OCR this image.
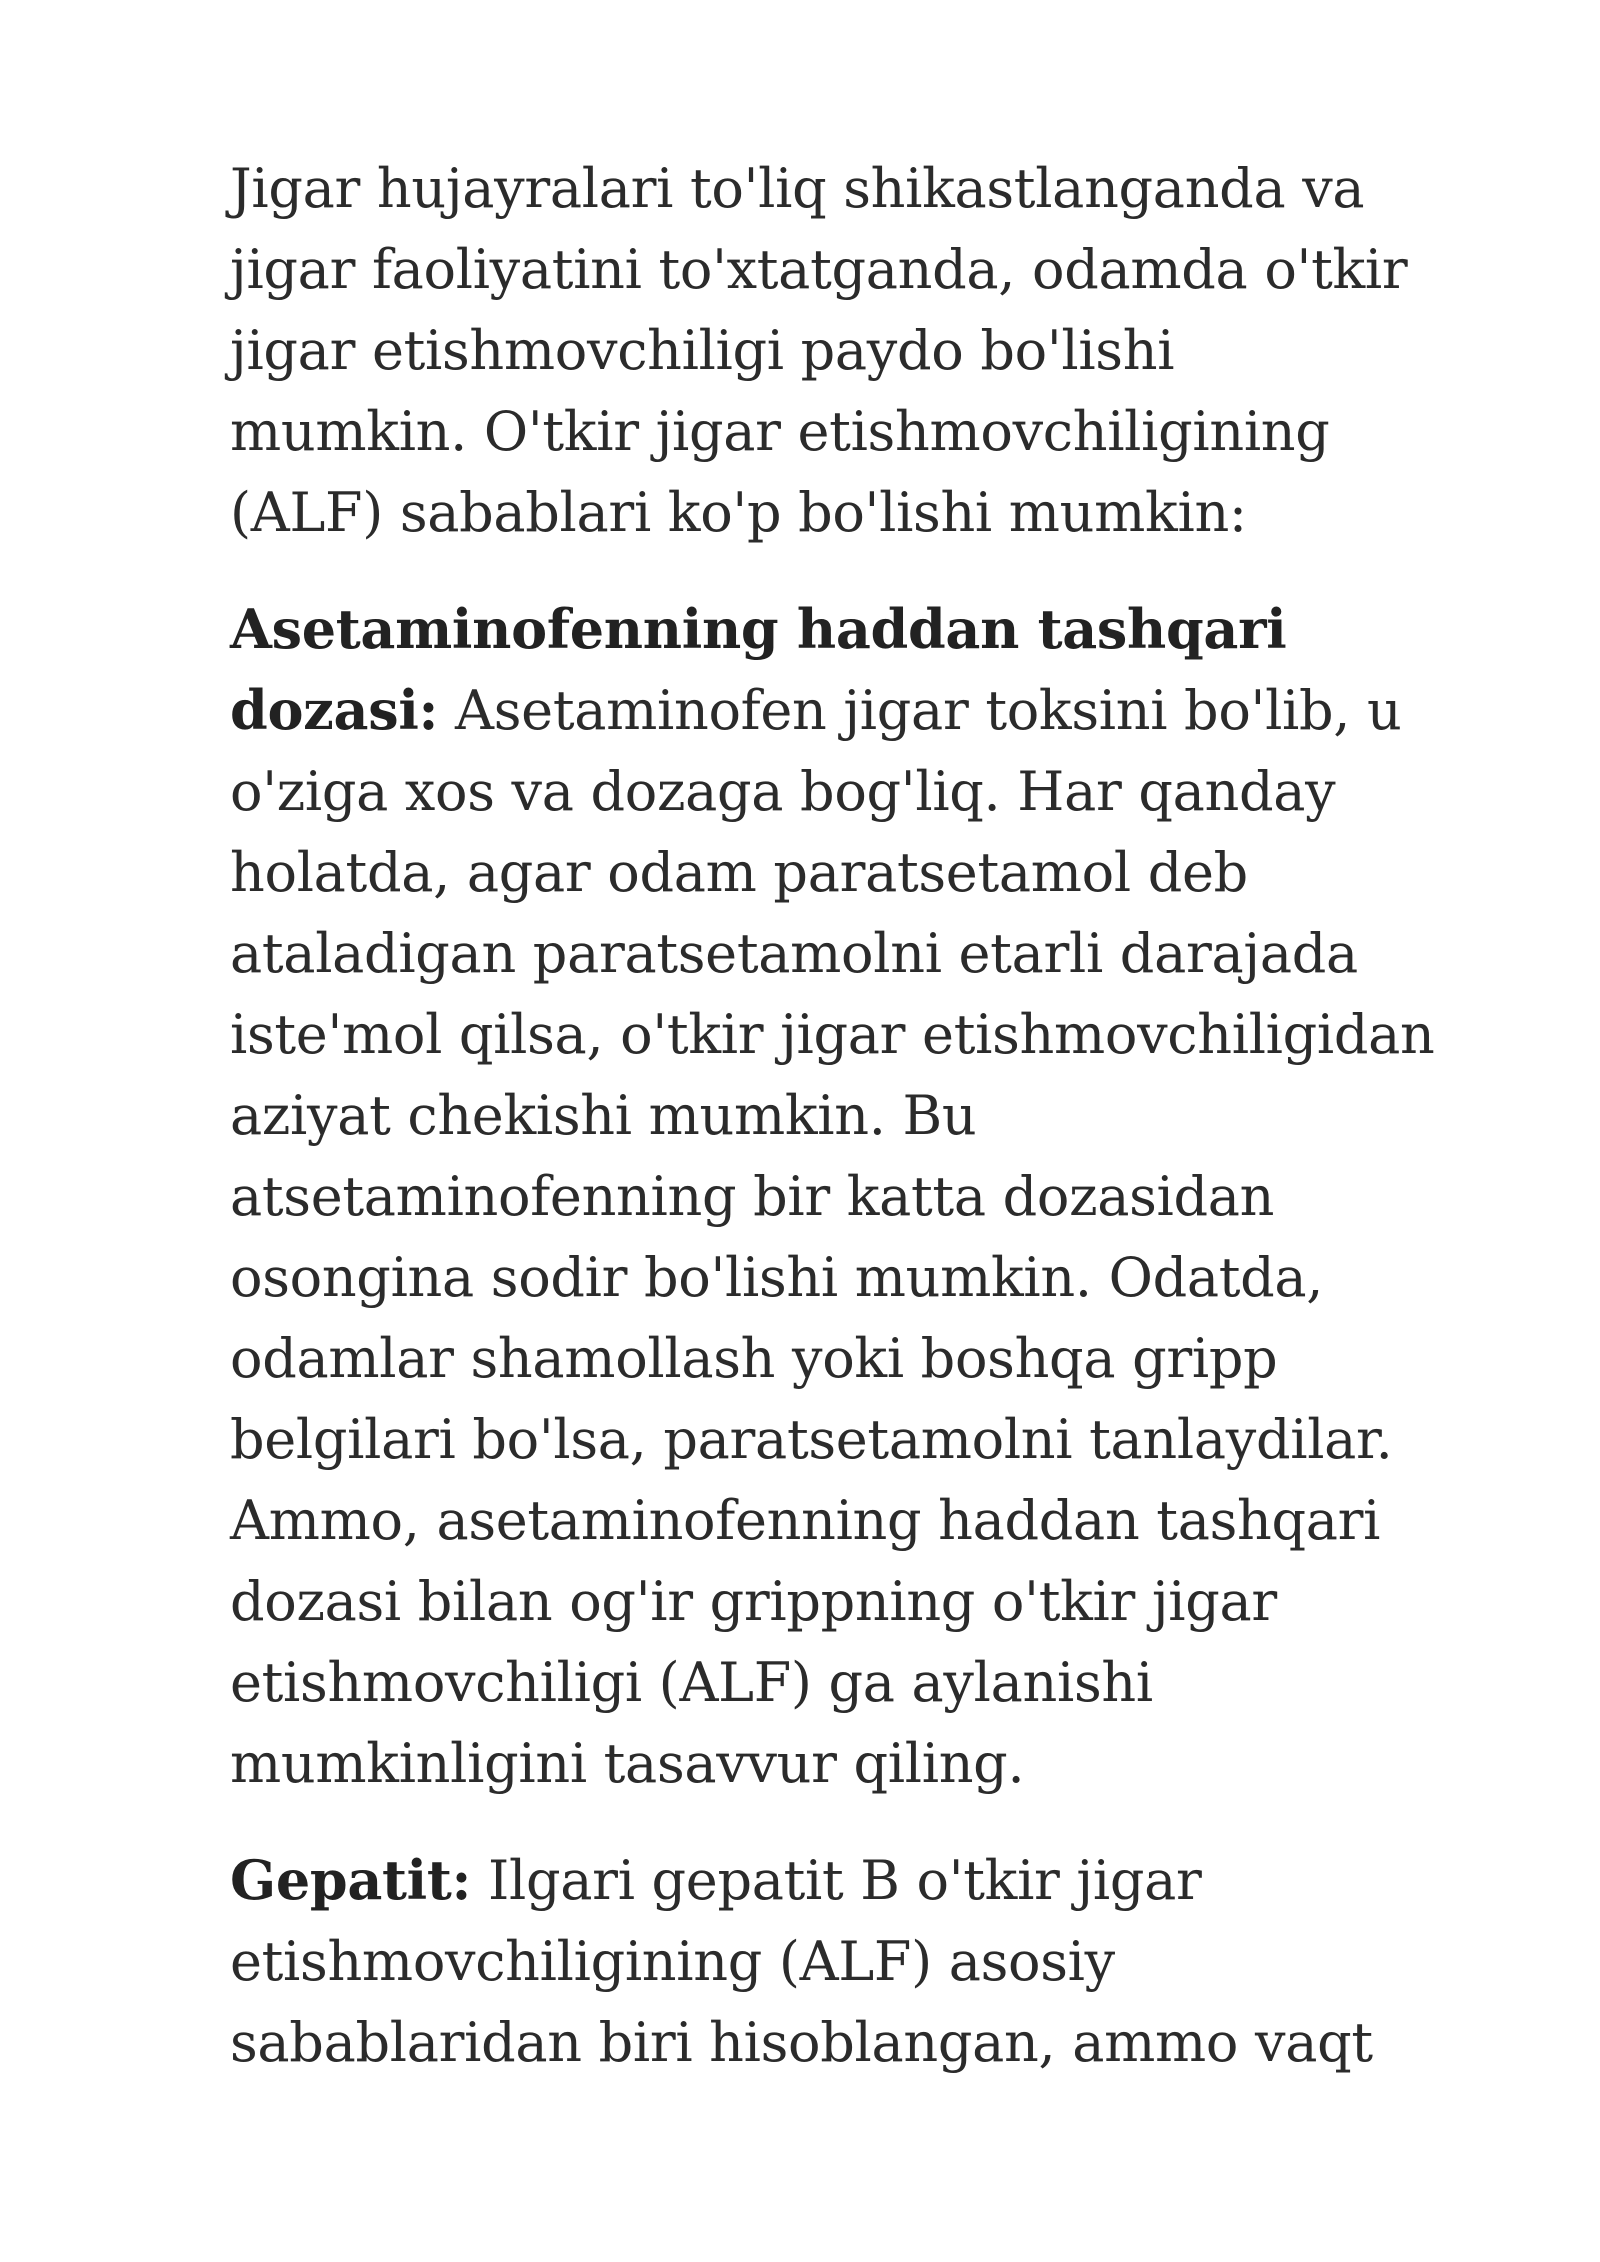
Jigar hujayralari to'liq shikastlanganda va
jigar faoliyatini to'xtatganda, odamda o'tkir
jigar etishmovchiligi paydo bo'lishi
mumkin. O'tkir jigar etishmovchiligining
(ALF) sabablari ko'p bo'lishi mumkin:

Asetaminofenning haddan tashqari
dozasi: Asetaminofen jigar toksini bo'lib, u
o'ziga xos va dozaga bog'liq. Har qanday
holatda, agar odam paratsetamol deb
ataladigan paratsetamolni etarli darajada
iste'mol qilsa, o'tkir jigar etishmovchiligidan
aziyat chekishi mumkin. Bu
atsetaminofenning bir katta dozasidan
osongina sodir bo'lishi mumkin. Odatda,
odamlar shamollash yoki boshqa gripp
belgilari bo'lsa, paratsetamolni tanlaydilar.
Ammo, asetaminofenning haddan tashqari
dozasi bilan og'ir grippning o'tkir jigar
etishmovchiligi (ALF) ga aylanishi
mumkinligini tasavvur qiling.

Gepatit: Ilgari gepatit B o'tkir jigar
etishmovchiligining (ALF) asosiy
sabablaridan biri hisoblangan, ammo vaqt
